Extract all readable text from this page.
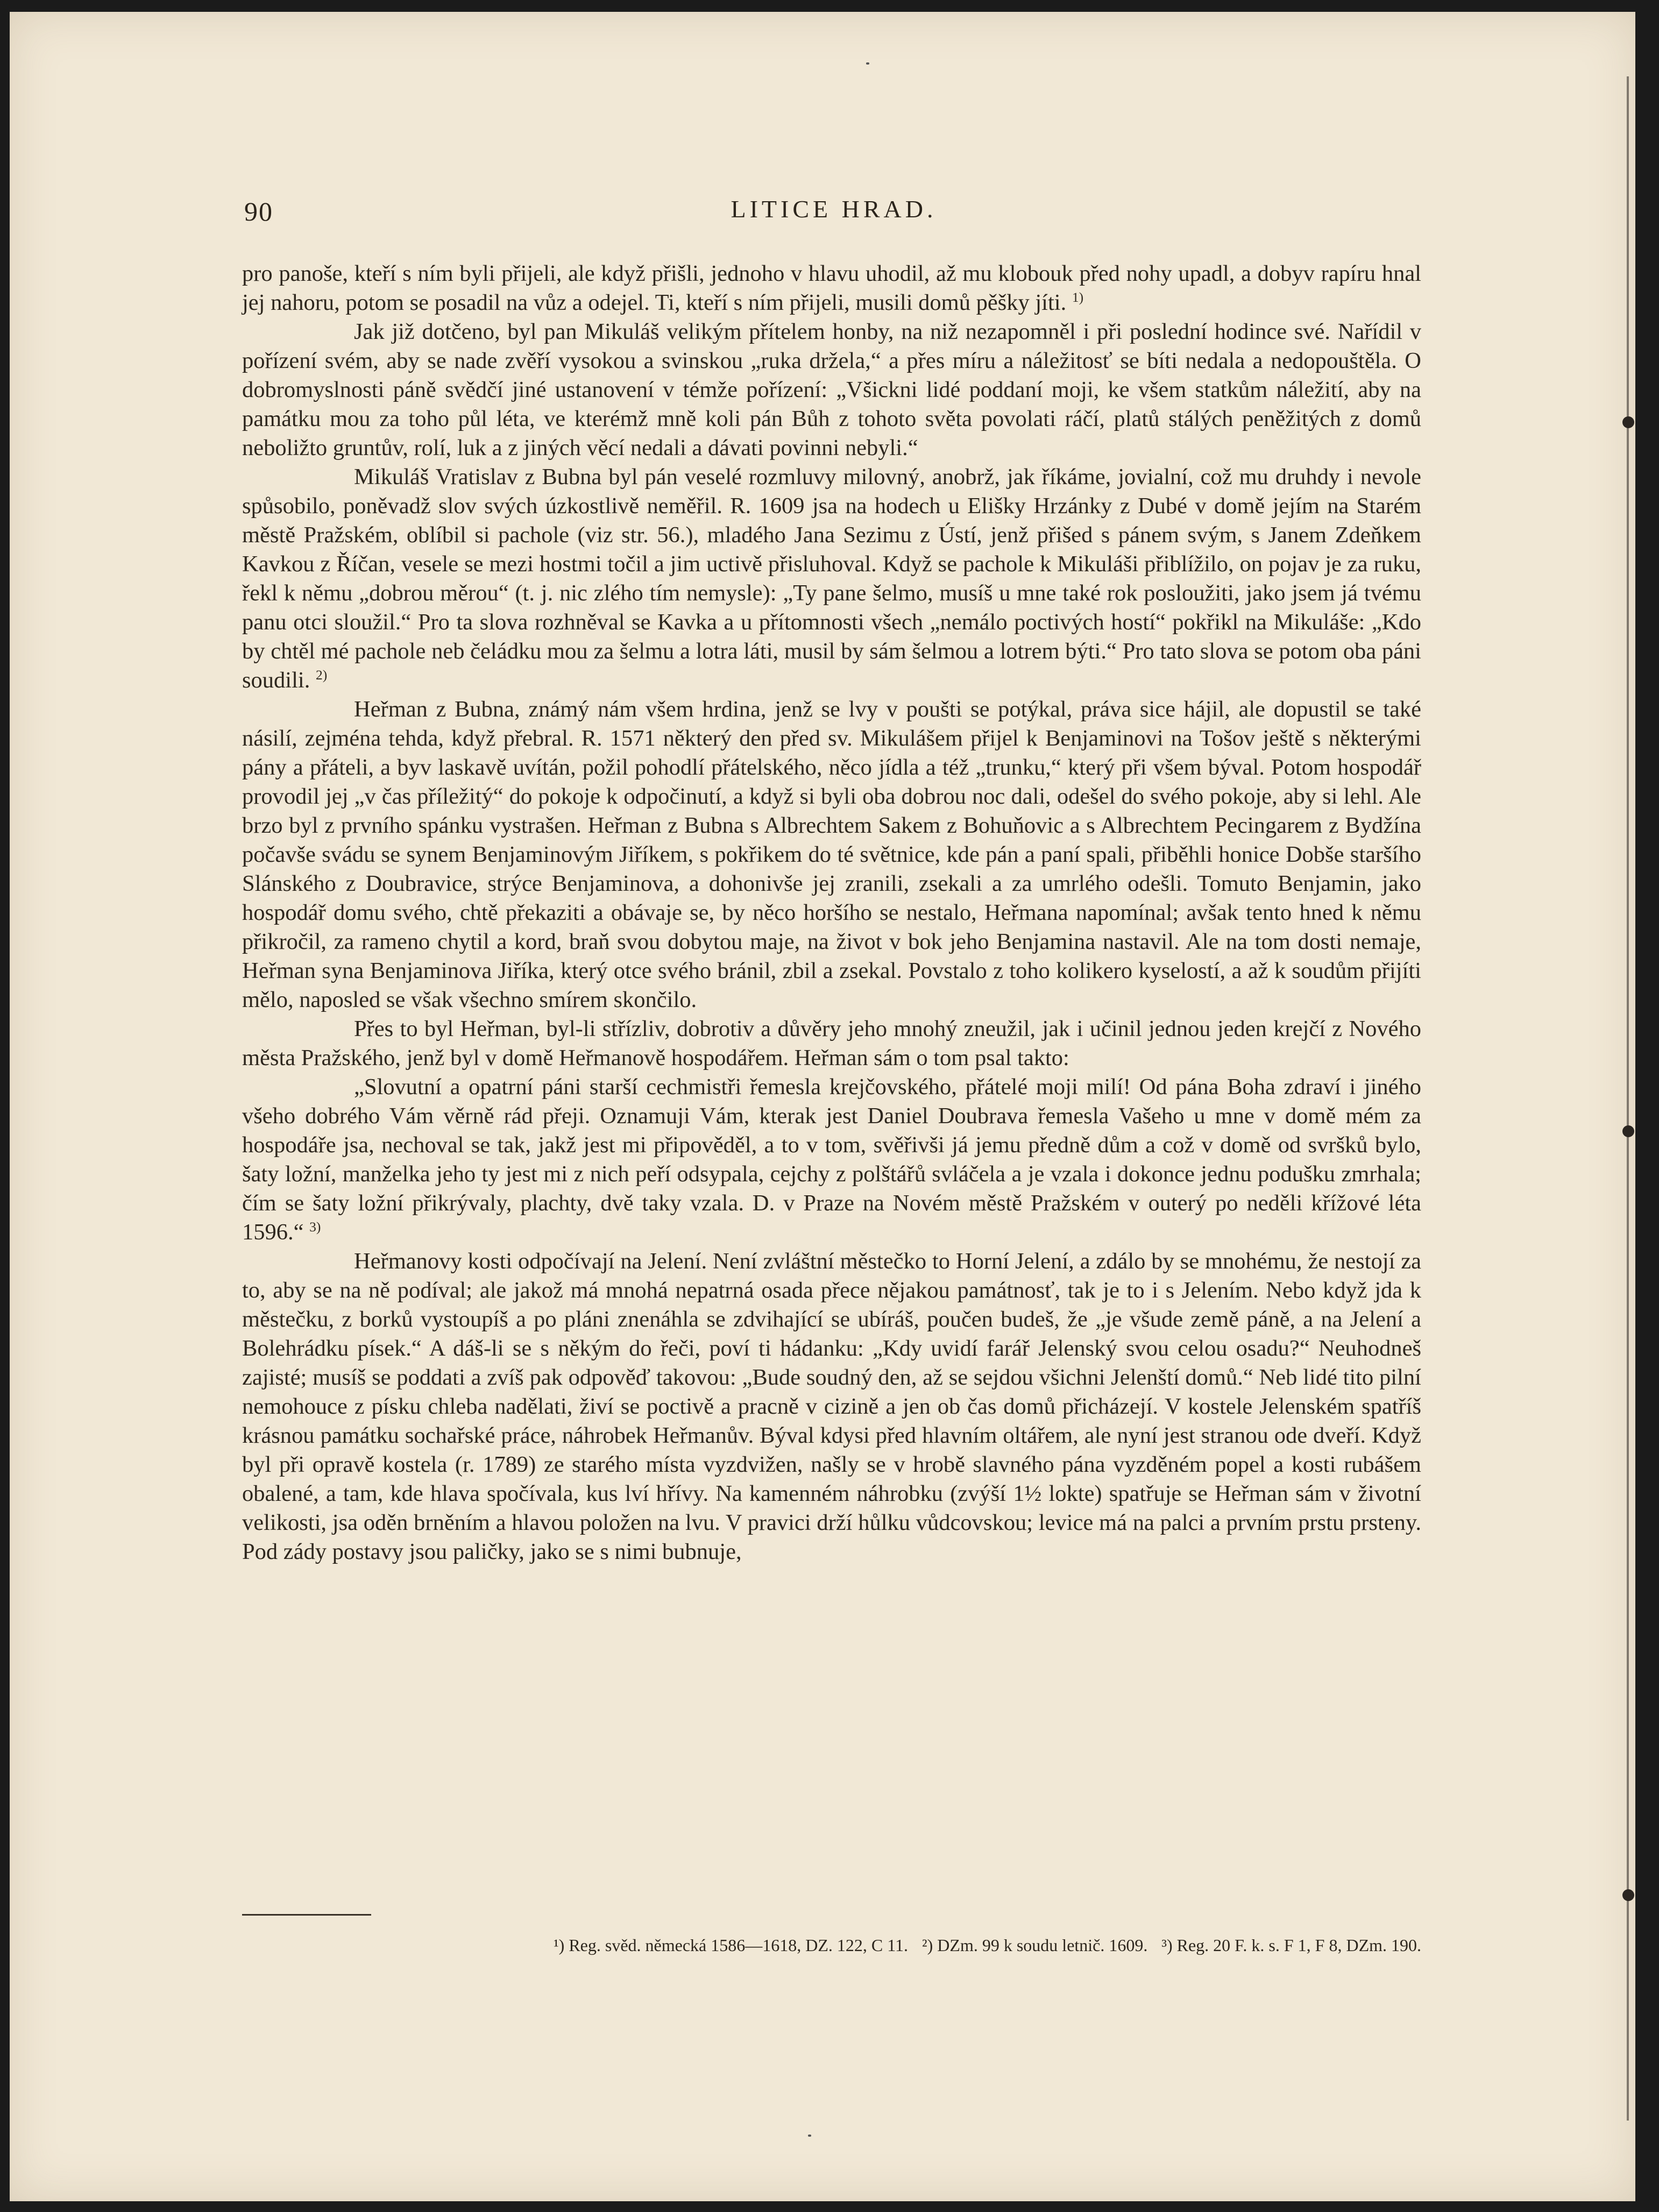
90	LITICE HRAD.

pro panoše, kteří s ním byli přijeli, ale když přišli, jednoho v hlavu uhodil, až mu klobouk před nohy upadl, a dobyv rapíru hnal jej nahoru, potom se posadil na vůz a odejel. Ti, kteří s ním přijeli, musili domů pěšky jíti. $^{1)}$

Jak již dotčeno, byl pan Mikuláš velikým přítelem honby, na niž nezapomněl i při poslední hodince své. Nařídil v pořízení svém, aby se nade zvěří vysokou a svinskou „ruka držela,“ a přes míru a náležitosť se bíti nedala a nedopouštěla. O dobromyslnosti páně svědčí jiné ustanovení v témže pořízení: „Všickni lidé poddaní moji, ke všem statkům náležití, aby na památku mou za toho půl léta, ve kterémž mně koli pán Bůh z tohoto světa povolati ráčí, platů stálých peněžitých z domů neboližto gruntův, rolí, luk a z jiných věcí nedali a dávati povinni nebyli.“

Mikuláš Vratislav z Bubna byl pán veselé rozmluvy milovný, anobrž, jak říkáme, jovialní, což mu druhdy i nevole spůsobilo, poněvadž slov svých úzkostlivě neměřil. R. 1609 jsa na hodech u Elišky Hrzánky z Dubé v domě jejím na Starém městě Pražském, oblíbil si pachole (viz str. 56.), mladého Jana Sezimu z Ústí, jenž přišed s pánem svým, s Janem Zdeňkem Kavkou z Říčan, vesele se mezi hostmi točil a jim uctivě přisluhoval. Když se pachole k Mikuláši přiblížilo, on pojav je za ruku, řekl k němu „dobrou měrou“ (t. j. nic zlého tím nemysle): „Ty pane šelmo, musíš u mne také rok posloužiti, jako jsem já tvému panu otci sloužil.“ Pro ta slova rozhněval se Kavka a u přítomnosti všech „nemálo poctivých hostí“ pokřikl na Mikuláše: „Kdo by chtěl mé pachole neb čeládku mou za šelmu a lotra láti, musil by sám šelmou a lotrem býti.“ Pro tato slova se potom oba páni soudili. $^{2)}$

Heřman z Bubna, známý nám všem hrdina, jenž se lvy v poušti se potýkal, práva sice hájil, ale dopustil se také násilí, zejména tehda, když přebral. R. 1571 některý den před sv. Mikulášem přijel k Benjaminovi na Tošov ještě s některými pány a přáteli, a byv laskavě uvítán, požil pohodlí přátelského, něco jídla a též „trunku,“ který při všem býval. Potom hospodář provodil jej „v čas příležitý“ do pokoje k odpočinutí, a když si byli oba dobrou noc dali, odešel do svého pokoje, aby si lehl. Ale brzo byl z prvního spánku vystrašen. Heřman z Bubna s Albrechtem Sakem z Bohuňovic a s Albrechtem Pecingarem z Bydžína počavše svádu se synem Benjaminovým Jiříkem, s pokřikem do té světnice, kde pán a paní spali, přiběhli honice Dobše staršího Slánského z Doubravice, strýce Benjaminova, a dohonivše jej zranili, zsekali a za umrlého odešli. Tomuto Benjamin, jako hospodář domu svého, chtě překaziti a obávaje se, by něco horšího se nestalo, Heřmana napomínal; avšak tento hned k němu přikročil, za rameno chytil a kord, braň svou dobytou maje, na život v bok jeho Benjamina nastavil. Ale na tom dosti nemaje, Heřman syna Benjaminova Jiříka, který otce svého bránil, zbil a zsekal. Povstalo z toho kolikero kyselostí, a až k soudům přijíti mělo, naposled se však všechno smírem skončilo.

Přes to byl Heřman, byl-li střízliv, dobrotiv a důvěry jeho mnohý zneužil, jak i učinil jednou jeden krejčí z Nového města Pražského, jenž byl v domě Heřmanově hospodářem. Heřman sám o tom psal takto:

„Slovutní a opatrní páni starší cechmistři řemesla krejčovského, přátelé moji milí! Od pána Boha zdraví i jiného všeho dobrého Vám věrně rád přeji. Oznamuji Vám, kterak jest Daniel Doubrava řemesla Vašeho u mne v domě mém za hospodáře jsa, nechoval se tak, jakž jest mi připověděl, a to v tom, svěřivši já jemu předně dům a což v domě od svršků bylo, šaty ložní, manželka jeho ty jest mi z nich peří odsypala, cejchy z polštářů svláčela a je vzala i dokonce jednu podušku zmrhala; čím se šaty ložní přikrývaly, plachty, dvě taky vzala. D. v Praze na Novém městě Pražském v outerý po neděli křížové léta 1596.“ $^{3)}$

Heřmanovy kosti odpočívají na Jelení. Není zvláštní městečko to Horní Jelení, a zdálo by se mnohému, že nestojí za to, aby se na ně podíval; ale jakož má mnohá nepatrná osada přece nějakou památnosť, tak je to i s Jelením. Nebo když jda k městečku, z borků vystoupíš a po pláni znenáhla se zdvihající se ubíráš, poučen budeš, že „je všude země páně, a na Jelení a Bolehrádku písek.“ A dáš-li se s někým do řeči, poví ti hádanku: „Kdy uvidí farář Jelenský svou celou osadu?“ Neuhodneš zajisté; musíš se poddati a zvíš pak odpověď takovou: „Bude soudný den, až se sejdou všichni Jelenští domů.“ Neb lidé tito pilní nemohouce z písku chleba nadělati, živí se poctivě a pracně v cizině a jen ob čas domů přicházejí. V kostele Jelenském spatříš krásnou památku sochařské práce, náhrobek Heřmanův. Býval kdysi před hlavním oltářem, ale nyní jest stranou ode dveří. Když byl při opravě kostela (r. 1789) ze starého místa vyzdvižen, našly se v hrobě slavného pána vyzděném popel a kosti rubášem obalené, a tam, kde hlava spočívala, kus lví hřívy. Na kamenném náhrobku (zvýší 1½ lokte) spatřuje se Heřman sám v životní velikosti, jsa oděn brněním a hlavou položen na lvu. V pravici drží hůlku vůdcovskou; levice má na palci a prvním prstu prsteny. Pod zády postavy jsou paličky, jako se s nimi bubnuje,

¹) Reg. svěd. německá 1586—1618, DZ. 122, C 11. ²) DZm. 99 k soudu letnič. 1609. ³) Reg. 20 F. k. s. F 1, F 8, DZm. 190.
